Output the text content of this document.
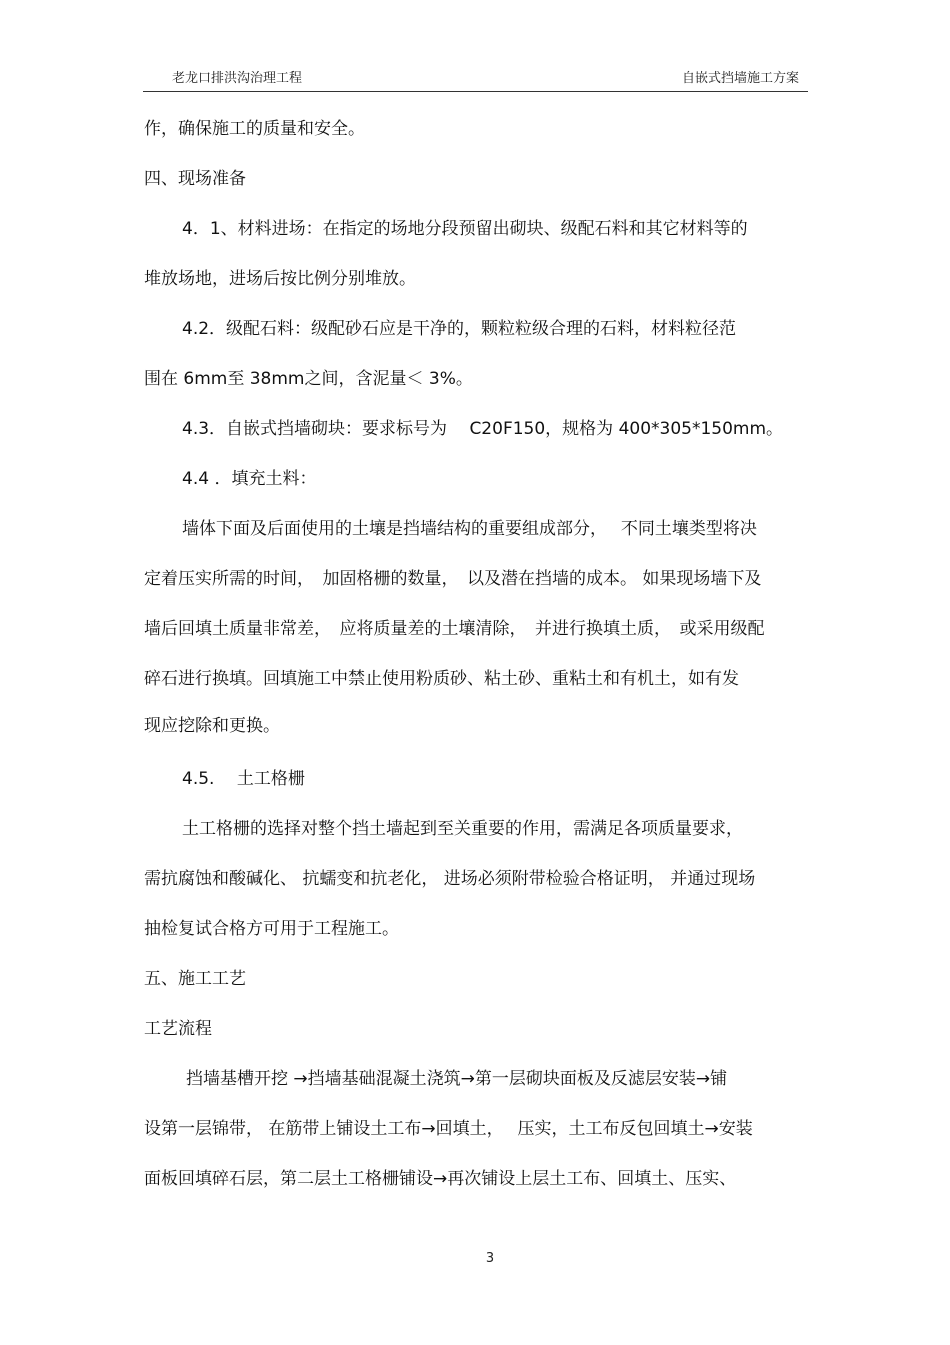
老龙口排洪沟治理工程	自嵌式挡墙施工方案
作，确保施工的质量和安全。
四、现场准备
4．1、材料进场：在指定的场地分段预留出砌块、级配石料和其它材料等的
堆放场地，进场后按比例分别堆放。
4.2．级配石料：级配砂石应是干净的，颗粒粒级合理的石料，材料粒径范
围在 6mm至 38mm之间，含泥量＜ 3%。
4.3．自嵌式挡墙砌块：要求标号为　 C20F150，规格为 400*305*150mm。
4.4 ．填充土料：
墙体下面及后面使用的土壤是挡墙结构的重要组成部分，　 不同土壤类型将决
定着压实所需的时间，　加固格栅的数量，　以及潜在挡墙的成本。 如果现场墙下及
墙后回填土质量非常差，　应将质量差的土壤清除，　并进行换填土质，　或采用级配
碎石进行换填。回填施工中禁止使用粉质砂、粘土砂、重粘土和有机土，如有发
现应挖除和更换。
4.5.　 土工格栅
土工格栅的选择对整个挡土墙起到至关重要的作用，需满足各项质量要求，
需抗腐蚀和酸碱化、 抗蠕变和抗老化， 进场必须附带检验合格证明， 并通过现场
抽检复试合格方可用于工程施工。
五、施工工艺
工艺流程
挡墙基槽开挖 →挡墙基础混凝土浇筑→第一层砌块面板及反滤层安装→铺
设第一层锦带， 在筋带上铺设土工布→回填土，　 压实，土工布反包回填土→安装
面板回填碎石层，第二层土工格栅铺设→再次铺设上层土工布、回填土、压实、
3
